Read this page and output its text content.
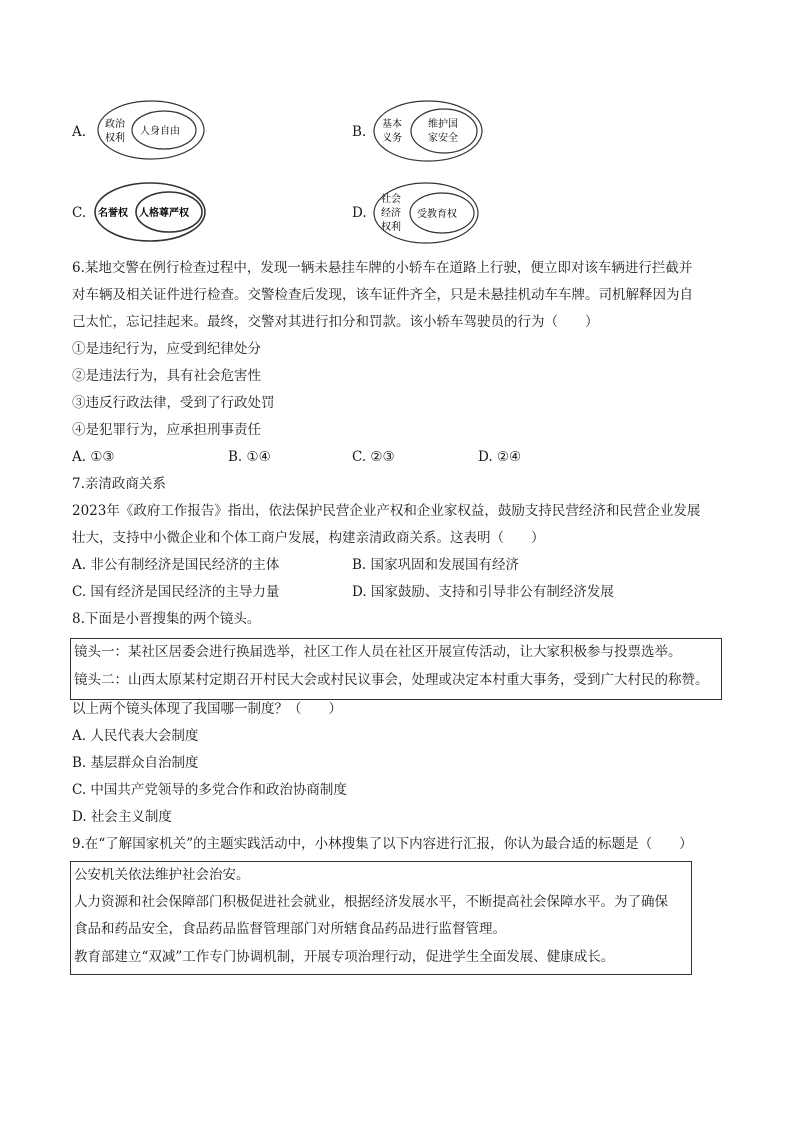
A. 政治
权利
人身自由	B. 基本
义务
维护国
家安全
C. 名誉权 人格尊严权	D.
社会
经济
权利
受教育权
6.某地交警在例行检查过程中，发现一辆未悬挂车牌的小轿车在道路上行驶，便立即对该车辆进行拦截并
对车辆及相关证件进行检查。交警检查后发现，该车证件齐全，只是未悬挂机动车车牌。司机解释因为自
己太忙，忘记挂起来。最终，交警对其进行扣分和罚款。该小轿车驾驶员的行为（　　）
①是违纪行为，应受到纪律处分
②是违法行为，具有社会危害性
③违反行政法律，受到了行政处罚
④是犯罪行为，应承担刑事责任
A. ①③	B. ①④	C. ②③	D. ②④
7.亲清政商关系
2023年《政府工作报告》指出，依法保护民营企业产权和企业家权益，鼓励支持民营经济和民营企业发展
壮大，支持中小微企业和个体工商户发展，构建亲清政商关系。这表明（　　）
A. 非公有制经济是国民经济的主体	B. 国家巩固和发展国有经济
C. 国有经济是国民经济的主导力量	D. 国家鼓励、支持和引导非公有制经济发展
8.下面是小晋搜集的两个镜头。
镜头一：某社区居委会进行换届选举，社区工作人员在社区开展宣传活动，让大家积极参与投票选举。
镜头二：山西太原某村定期召开村民大会或村民议事会，处理或决定本村重大事务，受到广大村民的称赞。
以上两个镜头体现了我国哪一制度？（　　）
A. 人民代表大会制度
B. 基层群众自治制度
C. 中国共产党领导的多党合作和政治协商制度
D. 社会主义制度
9.在“了解国家机关”的主题实践活动中，小林搜集了以下内容进行汇报，你认为最合适的标题是（　　）
公安机关依法维护社会治安。
人力资源和社会保障部门积极促进社会就业，根据经济发展水平，不断提高社会保障水平。为了确保
食品和药品安全，食品药品监督管理部门对所辖食品药品进行监督管理。
教育部建立“双减”工作专门协调机制，开展专项治理行动，促进学生全面发展、健康成长。
